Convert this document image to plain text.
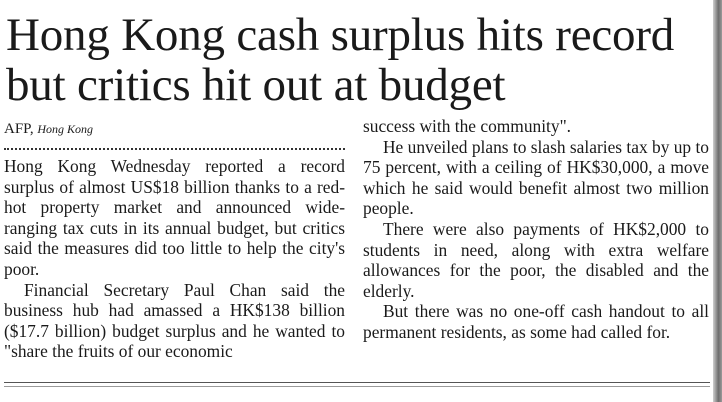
Hong Kong cash surplus hits record
but critics hit out at budget
AFP, Hong Kong

Hong Kong Wednesday reported a record surplus of almost US$18 billion thanks to a red-hot property market and announced wide-ranging tax cuts in its annual budget, but critics said the measures did too little to help the city's poor.

Financial Secretary Paul Chan said the business hub had amassed a HK$138 billion ($17.7 billion) budget surplus and he wanted to "share the fruits of our economic

success with the community".

He unveiled plans to slash salaries tax by up to 75 percent, with a ceiling of HK$30,000, a move which he said would benefit almost two million people.

There were also payments of HK$2,000 to students in need, along with extra welfare allowances for the poor, the disabled and the elderly.

But there was no one-off cash handout to all permanent residents, as some had called for.
